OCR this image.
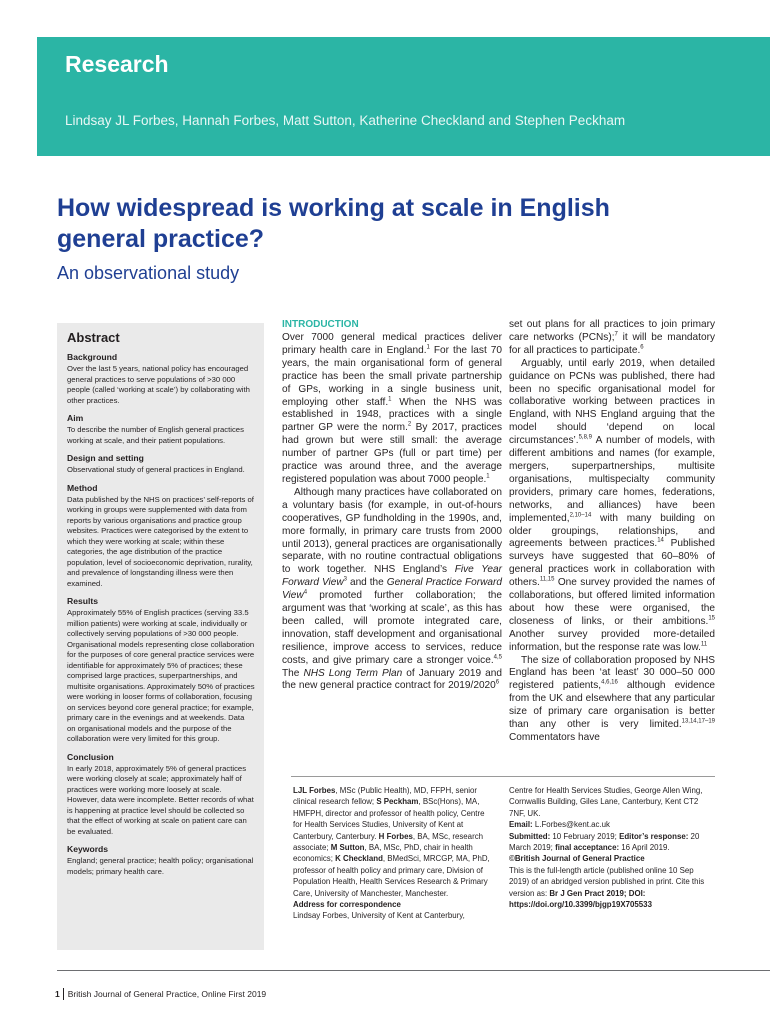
Research
Lindsay JL Forbes, Hannah Forbes, Matt Sutton, Katherine Checkland and Stephen Peckham
How widespread is working at scale in English general practice?
An observational study
Abstract
Background

Over the last 5 years, national policy has encouraged general practices to serve populations of >30 000 people (called ‘working at scale’) by collaborating with other practices.

Aim

To describe the number of English general practices working at scale, and their patient populations.

Design and setting

Observational study of general practices in England.

Method

Data published by the NHS on practices’ self-reports of working in groups were supplemented with data from reports by various organisations and practice group websites. Practices were categorised by the extent to which they were working at scale; within these categories, the age distribution of the practice population, level of socioeconomic deprivation, rurality, and prevalence of longstanding illness were then examined.

Results

Approximately 55% of English practices (serving 33.5 million patients) were working at scale, individually or collectively serving populations of >30 000 people. Organisational models representing close collaboration for the purposes of core general practice services were identifiable for approximately 5% of practices; these comprised large practices, superpartnerships, and multisite organisations. Approximately 50% of practices were working in looser forms of collaboration, focusing on services beyond core general practice; for example, primary care in the evenings and at weekends. Data on organisational models and the purpose of the collaboration were very limited for this group.

Conclusion

In early 2018, approximately 5% of general practices were working closely at scale; approximately half of practices were working more loosely at scale. However, data were incomplete. Better records of what is happening at practice level should be collected so that the effect of working at scale on patient care can be evaluated.

Keywords

England; general practice; health policy; organisational models; primary health care.

INTRODUCTION

Over 7000 general medical practices deliver primary health care in England.$^1$ For the last 70 years, the main organisational form of general practice has been the small private partnership of GPs, working in a single business unit, employing other staff.$^1$ When the NHS was established in 1948, practices with a single partner GP were the norm.$^2$ By 2017, practices had grown but were still small: the average number of partner GPs (full or part time) per practice was around three, and the average registered population was about 7000 people.$^1$

Although many practices have collaborated on a voluntary basis (for example, in out-of-hours cooperatives, GP fundholding in the 1990s, and, more formally, in primary care trusts from 2000 until 2013), general practices are organisationally separate, with no routine contractual obligations to work together. NHS England’s Five Year Forward View$^3$ and the General Practice Forward View$^4$ promoted further collaboration; the argument was that ‘working at scale’, as this has been called, will promote integrated care, innovation, staff development and organisational resilience, improve access to services, reduce costs, and give primary care a stronger voice.$^{4,5}$ The NHS Long Term Plan of January 2019 and the new general practice contract for 2019/2020$^6$

set out plans for all practices to join primary care networks (PCNs);$^7$ it will be mandatory for all practices to participate.$^6$

Arguably, until early 2019, when detailed guidance on PCNs was published, there had been no specific organisational model for collaborative working between practices in England, with NHS England arguing that the model should ‘depend on local circumstances’.$^{5,8,9}$ A number of models, with different ambitions and names (for example, mergers, superpartnerships, multisite organisations, multispecialty community providers, primary care homes, federations, networks, and alliances) have been implemented,$^{2,10-14}$ with many building on older groupings, relationships, and agreements between practices.$^{14}$ Published surveys have suggested that 60–80% of general practices work in collaboration with others.$^{11,15}$ One survey provided the names of collaborations, but offered limited information about how these were organised, the closeness of links, or their ambitions.$^{15}$ Another survey provided more-detailed information, but the response rate was low.$^{11}$

The size of collaboration proposed by NHS England has been ‘at least’ 30 000–50 000 registered patients,$^{4,6,16}$ although evidence from the UK and elsewhere that any particular size of primary care organisation is better than any other is very limited.$^{13,14,17-19}$ Commentators have

LJL Forbes, MSc (Public Health), MD, FFPH, senior clinical research fellow; S Peckham, BSc(Hons), MA, HMFPH, director and professor of health policy, Centre for Health Services Studies, University of Kent at Canterbury, Canterbury. H Forbes, BA, MSc, research associate; M Sutton, BA, MSc, PhD, chair in health economics; K Checkland, BMedSci, MRCGP, MA, PhD, professor of health policy and primary care, Division of Population Health, Health Services Research & Primary Care, University of Manchester, Manchester.

Address for correspondence

Lindsay Forbes, University of Kent at Canterbury,

Centre for Health Services Studies, George Allen Wing, Cornwallis Building, Giles Lane, Canterbury, Kent CT2 7NF, UK.

Email: L.Forbes@kent.ac.uk

Submitted: 10 February 2019; Editor’s response: 20 March 2019; final acceptance: 16 April 2019.

©British Journal of General Practice

This is the full-length article (published online 10 Sep 2019) of an abridged version published in print. Cite this version as: Br J Gen Pract 2019; DOI: https://doi.org/10.3399/bjgp19X705533

1 British Journal of General Practice, Online First 2019
